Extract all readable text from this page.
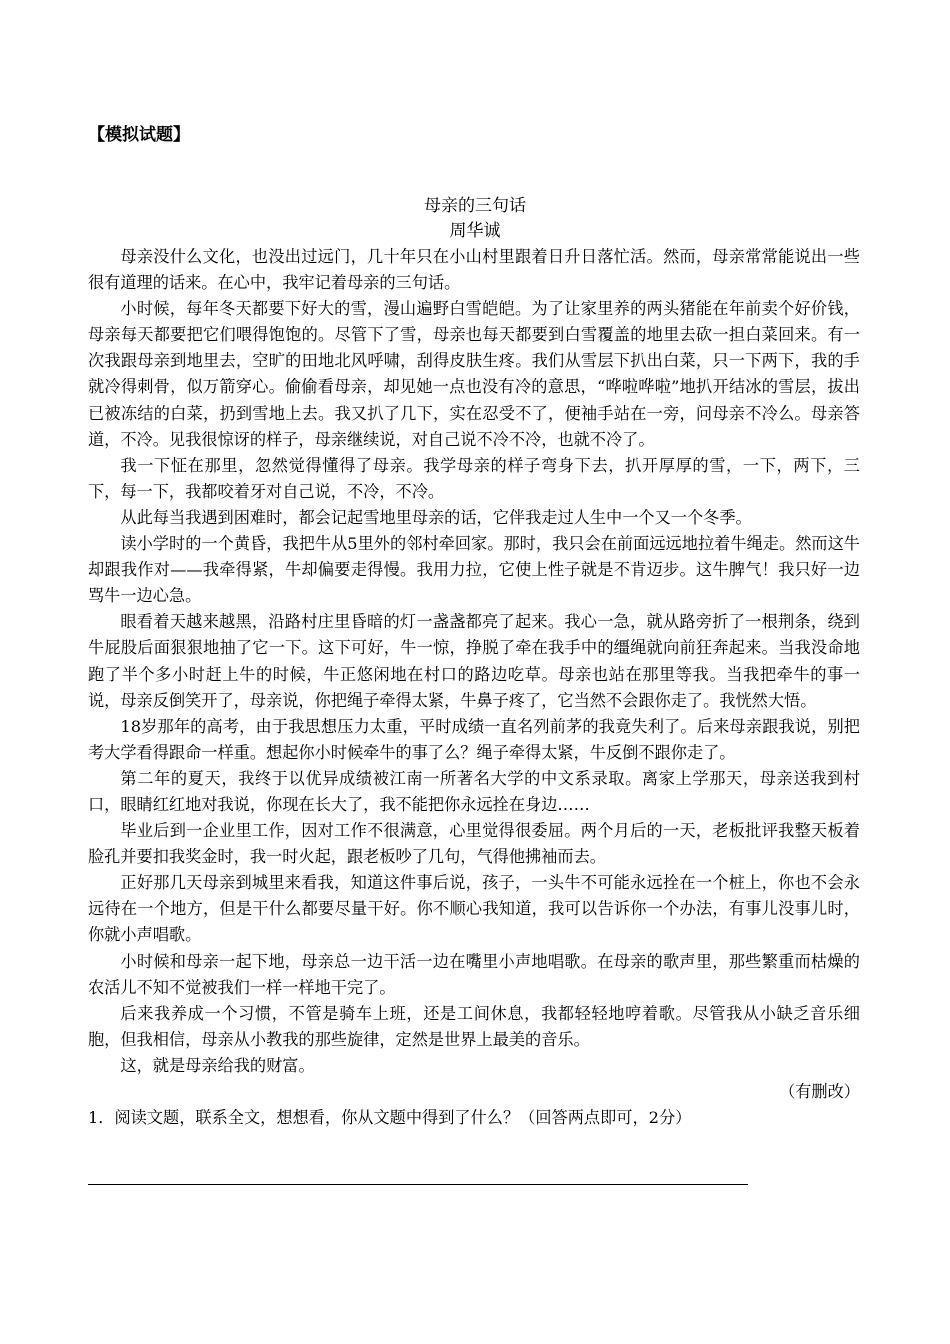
【模拟试题】
母亲的三句话
周华诚

母亲没什么文化，也没出过远门，几十年只在小山村里跟着日升日落忙活。然而，母亲常常能说出一些很有道理的话来。在心中，我牢记着母亲的三句话。

小时候，每年冬天都要下好大的雪，漫山遍野白雪皑皑。为了让家里养的两头猪能在年前卖个好价钱，母亲每天都要把它们喂得饱饱的。尽管下了雪，母亲也每天都要到白雪覆盖的地里去砍一担白菜回来。有一次我跟母亲到地里去，空旷的田地北风呼啸，刮得皮肤生疼。我们从雪层下扒出白菜，只一下两下，我的手就冷得刺骨，似万箭穿心。偷偷看母亲，却见她一点也没有冷的意思，“哗啦哗啦”地扒开结冰的雪层，拔出已被冻结的白菜，扔到雪地上去。我又扒了几下，实在忍受不了，便袖手站在一旁，问母亲不冷么。母亲答道，不冷。见我很惊讶的样子，母亲继续说，对自己说不冷不冷，也就不冷了。

我一下怔在那里，忽然觉得懂得了母亲。我学母亲的样子弯身下去，扒开厚厚的雪，一下，两下，三下，每一下，我都咬着牙对自己说，不冷，不冷。

从此每当我遇到困难时，都会记起雪地里母亲的话，它伴我走过人生中一个又一个冬季。

读小学时的一个黄昏，我把牛从5里外的邻村牵回家。那时，我只会在前面远远地拉着牛绳走。然而这牛却跟我作对——我牵得紧，牛却偏要走得慢。我用力拉，它使上性子就是不肯迈步。这牛脾气！我只好一边骂牛一边心急。

眼看着天越来越黑，沿路村庄里昏暗的灯一盏盏都亮了起来。我心一急，就从路旁折了一根荆条，绕到牛屁股后面狠狠地抽了它一下。这下可好，牛一惊，挣脱了牵在我手中的缰绳就向前狂奔起来。当我没命地跑了半个多小时赶上牛的时候，牛正悠闲地在村口的路边吃草。母亲也站在那里等我。当我把牵牛的事一说，母亲反倒笑开了，母亲说，你把绳子牵得太紧，牛鼻子疼了，它当然不会跟你走了。我恍然大悟。

18岁那年的高考，由于我思想压力太重，平时成绩一直名列前茅的我竟失利了。后来母亲跟我说，别把考大学看得跟命一样重。想起你小时候牵牛的事了么？绳子牵得太紧，牛反倒不跟你走了。

第二年的夏天，我终于以优异成绩被江南一所著名大学的中文系录取。离家上学那天，母亲送我到村口，眼睛红红地对我说，你现在长大了，我不能把你永远拴在身边……

毕业后到一企业里工作，因对工作不很满意，心里觉得很委屈。两个月后的一天，老板批评我整天板着脸孔并要扣我奖金时，我一时火起，跟老板吵了几句，气得他拂袖而去。

正好那几天母亲到城里来看我，知道这件事后说，孩子，一头牛不可能永远拴在一个桩上，你也不会永远待在一个地方，但是干什么都要尽量干好。你不顺心我知道，我可以告诉你一个办法，有事儿没事儿时，你就小声唱歌。

小时候和母亲一起下地，母亲总一边干活一边在嘴里小声地唱歌。在母亲的歌声里，那些繁重而枯燥的农活儿不知不觉被我们一样一样地干完了。

后来我养成一个习惯，不管是骑车上班，还是工间休息，我都轻轻地哼着歌。尽管我从小缺乏音乐细胞，但我相信，母亲从小教我的那些旋律，定然是世界上最美的音乐。

这，就是母亲给我的财富。

（有删改）

1．阅读文题，联系全文，想想看，你从文题中得到了什么？（回答两点即可，2分）
